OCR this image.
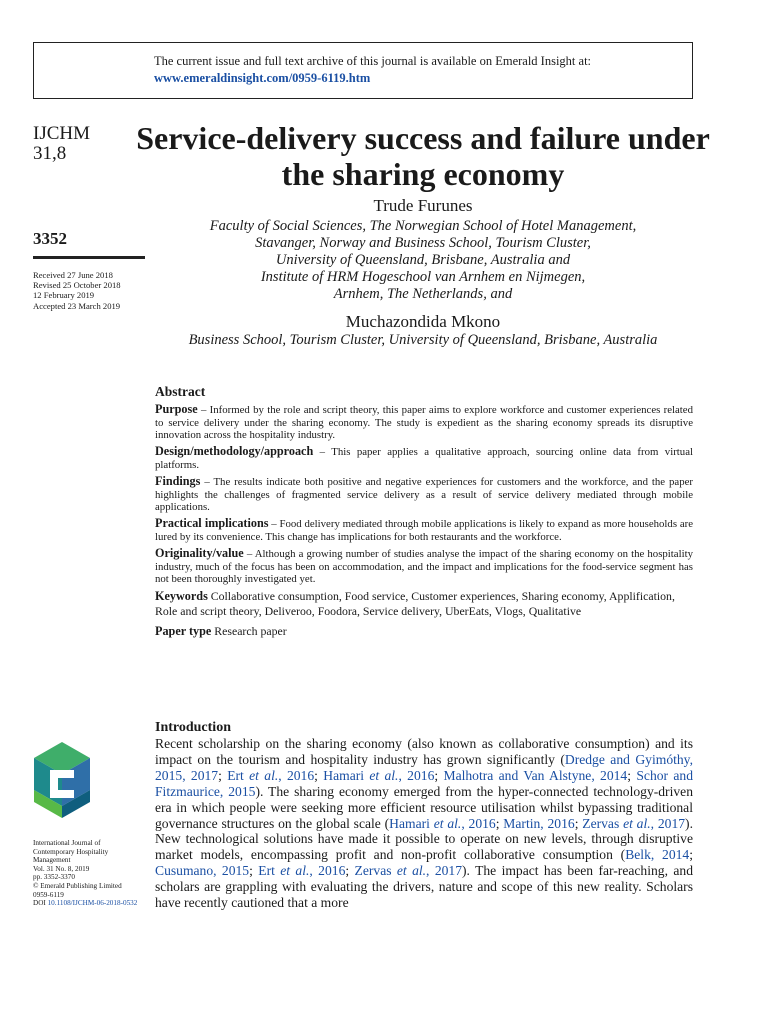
The current issue and full text archive of this journal is available on Emerald Insight at:
www.emeraldinsight.com/0959-6119.htm
IJCHM
31,8
3352
Received 27 June 2018
Revised 25 October 2018
12 February 2019
Accepted 23 March 2019
Service-delivery success and failure under the sharing economy
Trude Furunes
Faculty of Social Sciences, The Norwegian School of Hotel Management,
Stavanger, Norway and Business School, Tourism Cluster,
University of Queensland, Brisbane, Australia and
Institute of HRM Hogeschool van Arnhem en Nijmegen,
Arnhem, The Netherlands, and
Muchazondida Mkono
Business School, Tourism Cluster, University of Queensland, Brisbane, Australia
Abstract
Purpose – Informed by the role and script theory, this paper aims to explore workforce and customer experiences related to service delivery under the sharing economy. The study is expedient as the sharing economy spreads its disruptive innovation across the hospitality industry.
Design/methodology/approach – This paper applies a qualitative approach, sourcing online data from virtual platforms.
Findings – The results indicate both positive and negative experiences for customers and the workforce, and the paper highlights the challenges of fragmented service delivery as a result of service delivery mediated through mobile applications.
Practical implications – Food delivery mediated through mobile applications is likely to expand as more households are lured by its convenience. This change has implications for both restaurants and the workforce.
Originality/value – Although a growing number of studies analyse the impact of the sharing economy on the hospitality industry, much of the focus has been on accommodation, and the impact and implications for the food-service segment has not been thoroughly investigated yet.
Keywords Collaborative consumption, Food service, Customer experiences, Sharing economy, Applification, Role and script theory, Deliveroo, Foodora, Service delivery, UberEats, Vlogs, Qualitative
Paper type Research paper
Introduction
Recent scholarship on the sharing economy (also known as collaborative consumption) and its impact on the tourism and hospitality industry has grown significantly (Dredge and Gyimóthy, 2015, 2017; Ert et al., 2016; Hamari et al., 2016; Malhotra and Van Alstyne, 2014; Schor and Fitzmaurice, 2015). The sharing economy emerged from the hyper-connected technology-driven era in which people were seeking more efficient resource utilisation whilst bypassing traditional governance structures on the global scale (Hamari et al., 2016; Martin, 2016; Zervas et al., 2017). New technological solutions have made it possible to operate on new levels, through disruptive market models, encompassing profit and non-profit collaborative consumption (Belk, 2014; Cusumano, 2015; Ert et al., 2016; Zervas et al., 2017). The impact has been far-reaching, and scholars are grappling with evaluating the drivers, nature and scope of this new reality. Scholars have recently cautioned that a more
International Journal of
Contemporary Hospitality
Management
Vol. 31 No. 8, 2019
pp. 3352-3370
© Emerald Publishing Limited
0959-6119
DOI 10.1108/IJCHM-06-2018-0532
